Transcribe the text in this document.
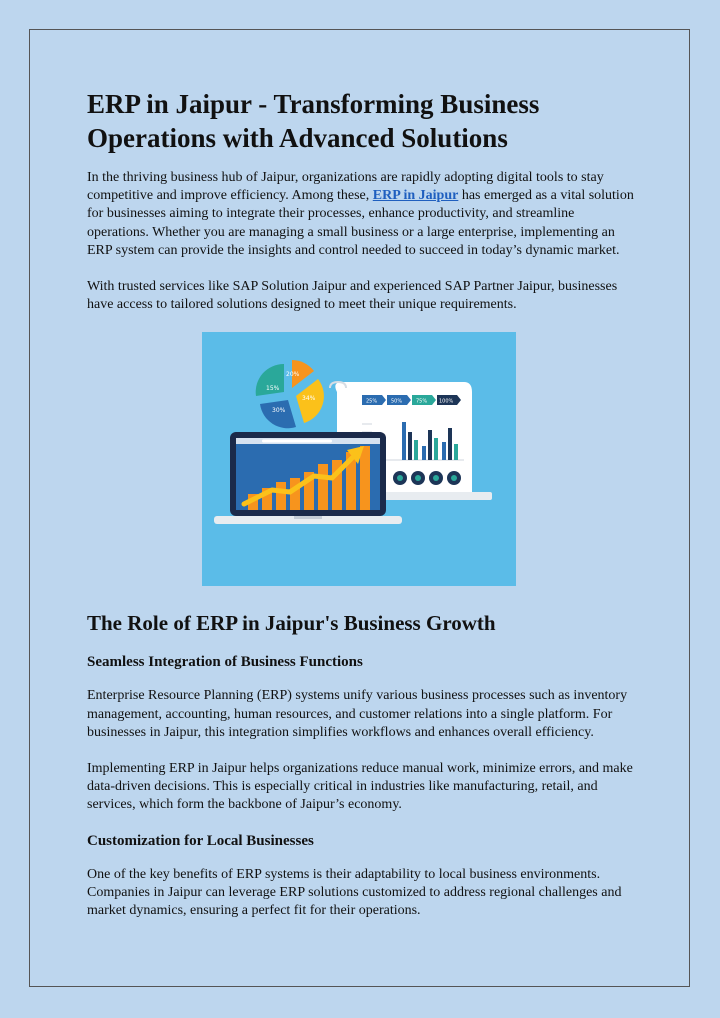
ERP in Jaipur - Transforming Business Operations with Advanced Solutions

In the thriving business hub of Jaipur, organizations are rapidly adopting digital tools to stay competitive and improve efficiency. Among these, ERP in Jaipur has emerged as a vital solution for businesses aiming to integrate their processes, enhance productivity, and streamline operations. Whether you are managing a small business or a large enterprise, implementing an ERP system can provide the insights and control needed to succeed in today’s dynamic market.

With trusted services like SAP Solution Jaipur and experienced SAP Partner Jaipur, businesses have access to tailored solutions designed to meet their unique requirements.

25%	50%	75% 100%
20%
15%
30%
34%
The Role of ERP in Jaipur's Business Growth
Seamless Integration of Business Functions

Enterprise Resource Planning (ERP) systems unify various business processes such as inventory management, accounting, human resources, and customer relations into a single platform. For businesses in Jaipur, this integration simplifies workflows and enhances overall efficiency.

Implementing ERP in Jaipur helps organizations reduce manual work, minimize errors, and make data-driven decisions. This is especially critical in industries like manufacturing, retail, and services, which form the backbone of Jaipur’s economy.

Customization for Local Businesses

One of the key benefits of ERP systems is their adaptability to local business environments. Companies in Jaipur can leverage ERP solutions customized to address regional challenges and market dynamics, ensuring a perfect fit for their operations.
